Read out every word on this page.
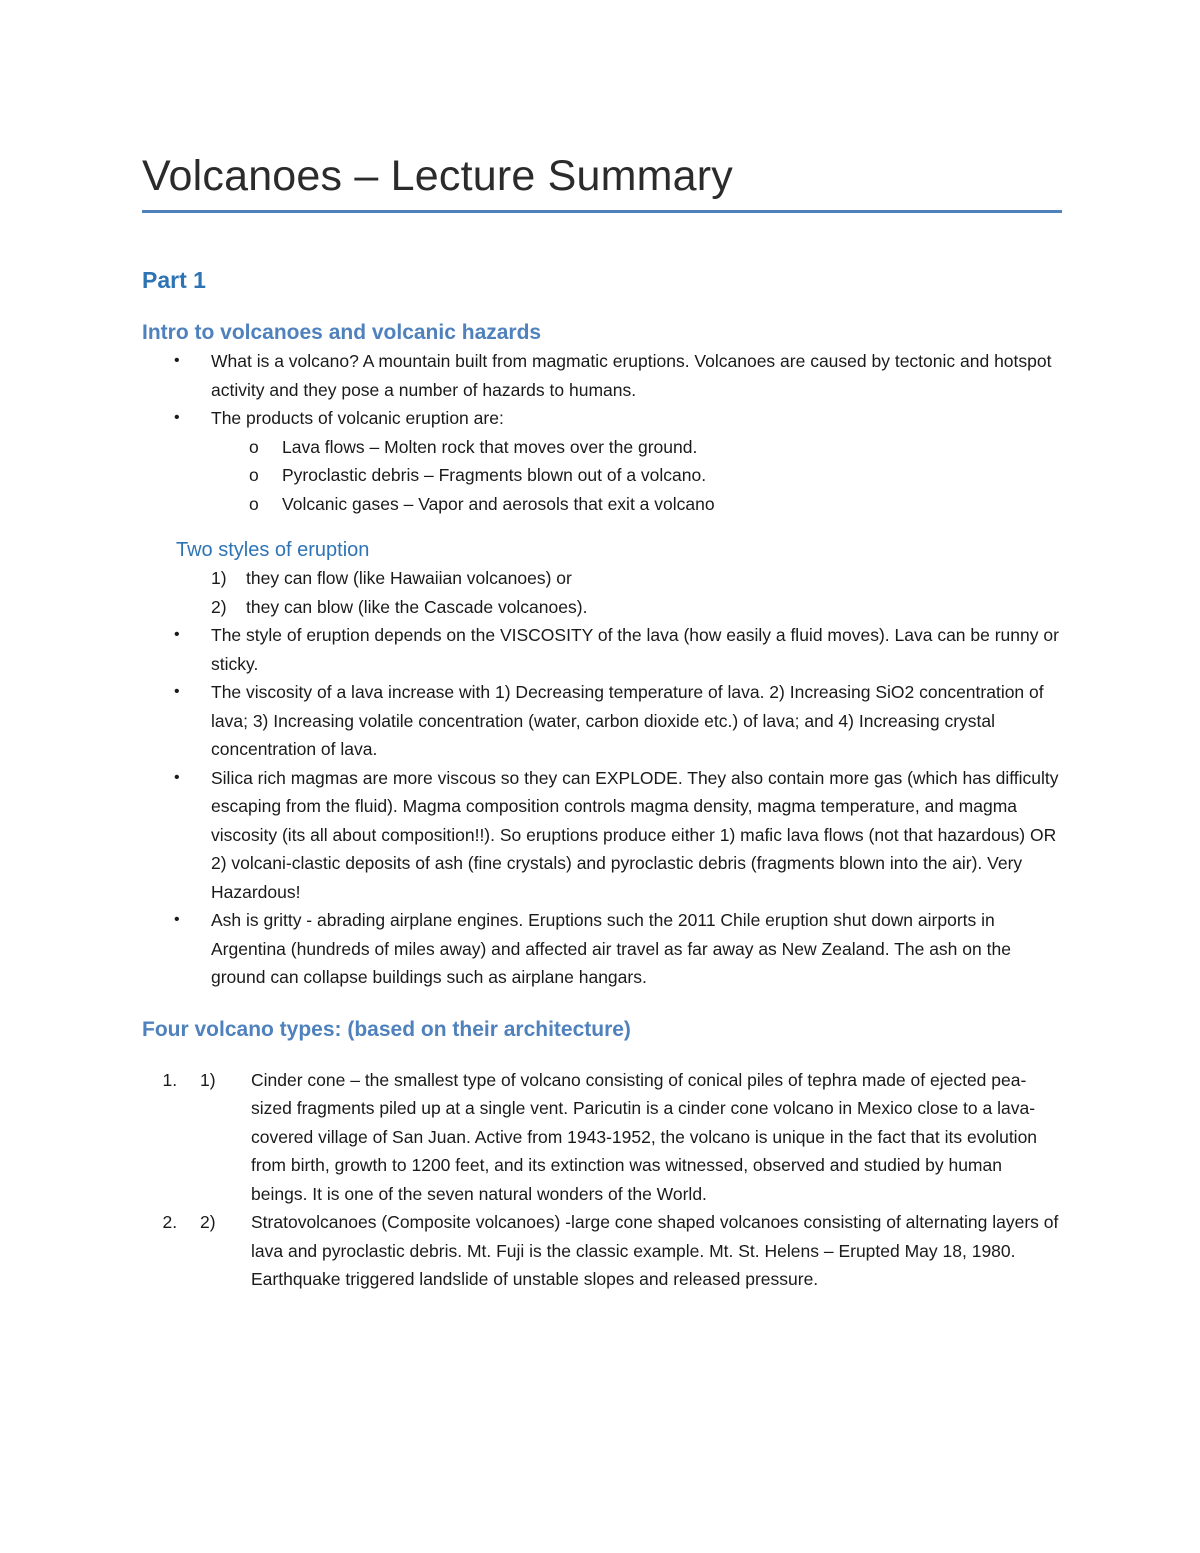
Volcanoes – Lecture Summary
Part 1
Intro to volcanoes and volcanic hazards
• What is a volcano? A mountain built from magmatic eruptions. Volcanoes are caused by tectonic and hotspot activity and they pose a number of hazards to humans.
• The products of volcanic eruption are:
o Lava flows – Molten rock that moves over the ground.
o Pyroclastic debris – Fragments blown out of a volcano.
o Volcanic gases – Vapor and aerosols that exit a volcano
Two styles of eruption
1) they can flow (like Hawaiian volcanoes) or
2) they can blow (like the Cascade volcanoes).
• The style of eruption depends on the VISCOSITY of the lava (how easily a fluid moves). Lava can be runny or sticky.
• The viscosity of a lava increase with 1) Decreasing temperature of lava. 2) Increasing SiO2 concentration of lava; 3) Increasing volatile concentration (water, carbon dioxide etc.) of lava; and 4) Increasing crystal concentration of lava.
• Silica rich magmas are more viscous so they can EXPLODE. They also contain more gas (which has difficulty escaping from the fluid). Magma composition controls magma density, magma temperature, and magma viscosity (its all about composition!!). So eruptions produce either 1) mafic lava flows (not that hazardous) OR 2) volcani-clastic deposits of ash (fine crystals) and pyroclastic debris (fragments blown into the air). Very Hazardous!
• Ash is gritty - abrading airplane engines. Eruptions such the 2011 Chile eruption shut down airports in Argentina (hundreds of miles away) and affected air travel as far away as New Zealand. The ash on the ground can collapse buildings such as airplane hangars.
Four volcano types: (based on their architecture)
1. 1) Cinder cone – the smallest type of volcano consisting of conical piles of tephra made of ejected pea-sized fragments piled up at a single vent. Paricutin is a cinder cone volcano in Mexico close to a lava-covered village of San Juan. Active from 1943-1952, the volcano is unique in the fact that its evolution from birth, growth to 1200 feet, and its extinction was witnessed, observed and studied by human beings. It is one of the seven natural wonders of the World.
2. 2) Stratovolcanoes (Composite volcanoes) -large cone shaped volcanoes consisting of alternating layers of lava and pyroclastic debris. Mt. Fuji is the classic example. Mt. St. Helens – Erupted May 18, 1980. Earthquake triggered landslide of unstable slopes and released pressure.
